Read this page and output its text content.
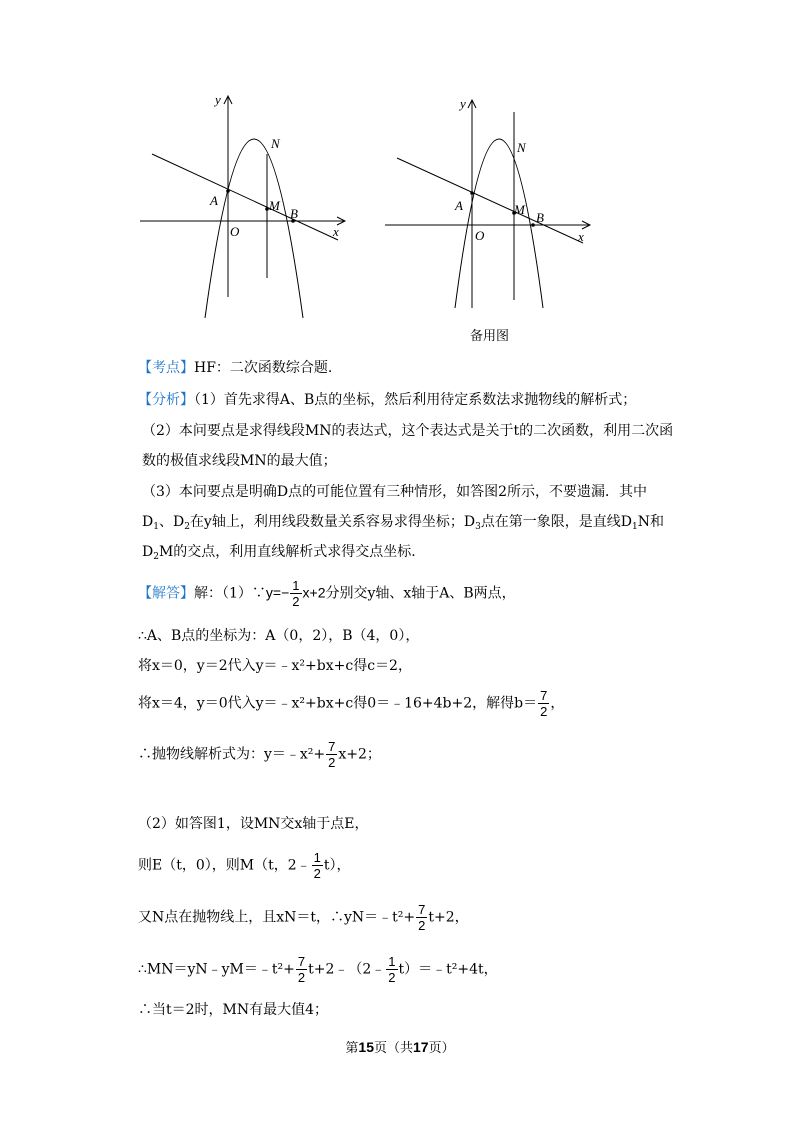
y
x
N
A	M
B
O
y
x
N
A	M
B
O
备用图
【考点】HF：二次函数综合题.
【分析】（1）首先求得A、B点的坐标，然后利用待定系数法求抛物线的解析式；
（2）本问要点是求得线段MN的表达式，这个表达式是关于t的二次函数，利用二次函
数的极值求线段MN的最大值；
（3）本问要点是明确D点的可能位置有三种情形，如答图2所示，不要遗漏．其中
$D_1$、$D_2$在y轴上，利用线段数量关系容易求得坐标；$D_3$点在第一象限，是直线$D_1N$和
$D_2M$的交点，利用直线解析式求得交点坐标.
【解答】解：（1）∵y=− $\frac{1}{2} x+2$分别交y轴、x轴于A、B两点，
∴A、B点的坐标为：A（0，2），B（4，0），
将x＝0，y＝2代入y＝﹣x²+bx+c得c＝2，
将x＝4，y＝0代入y＝﹣x²+bx+c得0＝﹣16+4b+2，解得$b= \frac{7}{2}$ ，
∴抛物线解析式为：y＝﹣x²+ $\frac{7}{2} x+2$；
（2）如答图1，设MN交x轴于点E，
则E（t，0），则M（t，2﹣ $\frac{1}{2} t$），
又N点在抛物线上，且xN＝t，∴yN＝﹣t²+ $\frac{7}{2} t+2$，
∴MN＝yN﹣yM＝﹣t²+ $\frac{7}{2}$ t+2﹣（2﹣ $\frac{1}{2}$ t）＝﹣t²+4t，
∴当t＝2时，MN有最大值4；
第15页（共17页）
